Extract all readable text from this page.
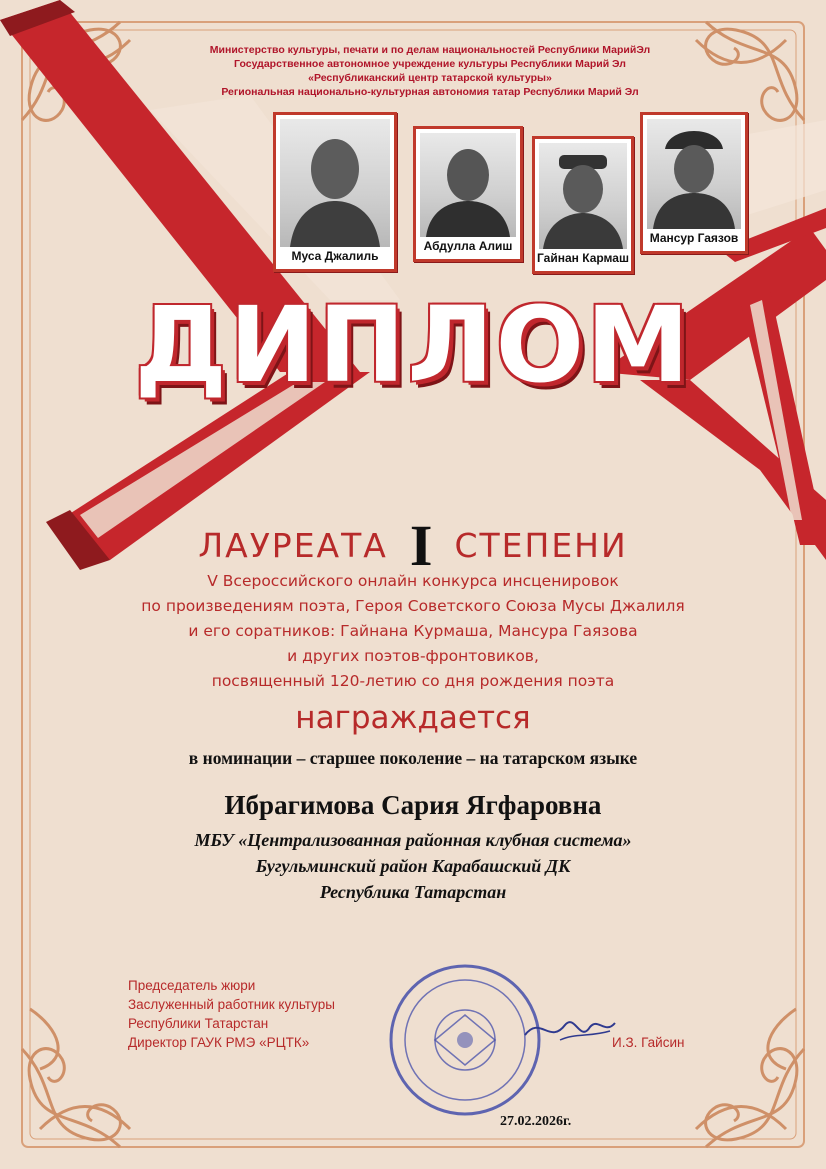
Министерство культуры, печати и по делам национальностей Республики МарийЭл
Государственное автономное учреждение культуры Республики Марий Эл
«Республиканский центр татарской культуры»
Региональная национально-культурная автономия татар Республики Марий Эл
Муса Джалиль
Абдулла Алиш
Гайнан Кармаш
Мансур Гаязов
ДИПЛОМ
ЛАУРЕАТА I СТЕПЕНИ
V Всероссийского онлайн конкурса инсценировок
по произведениям поэта, Героя Советского Союза Мусы Джалиля
и его соратников: Гайнана Курмаша, Мансура Гаязова
и других поэтов-фронтовиков,
посвященный 120-летию со дня рождения поэта
награждается
в номинации – старшее поколение – на татарском языке
Ибрагимова Сария Ягфаровна
МБУ «Централизованная районная клубная система»
Бугульминский район Карабашский ДК
Республика Татарстан
Председатель жюри
Заслуженный работник культуры
Республики Татарстан
Директор ГАУК РМЭ «РЦТК»	И.З. Гайсин
27.02.2026г.
